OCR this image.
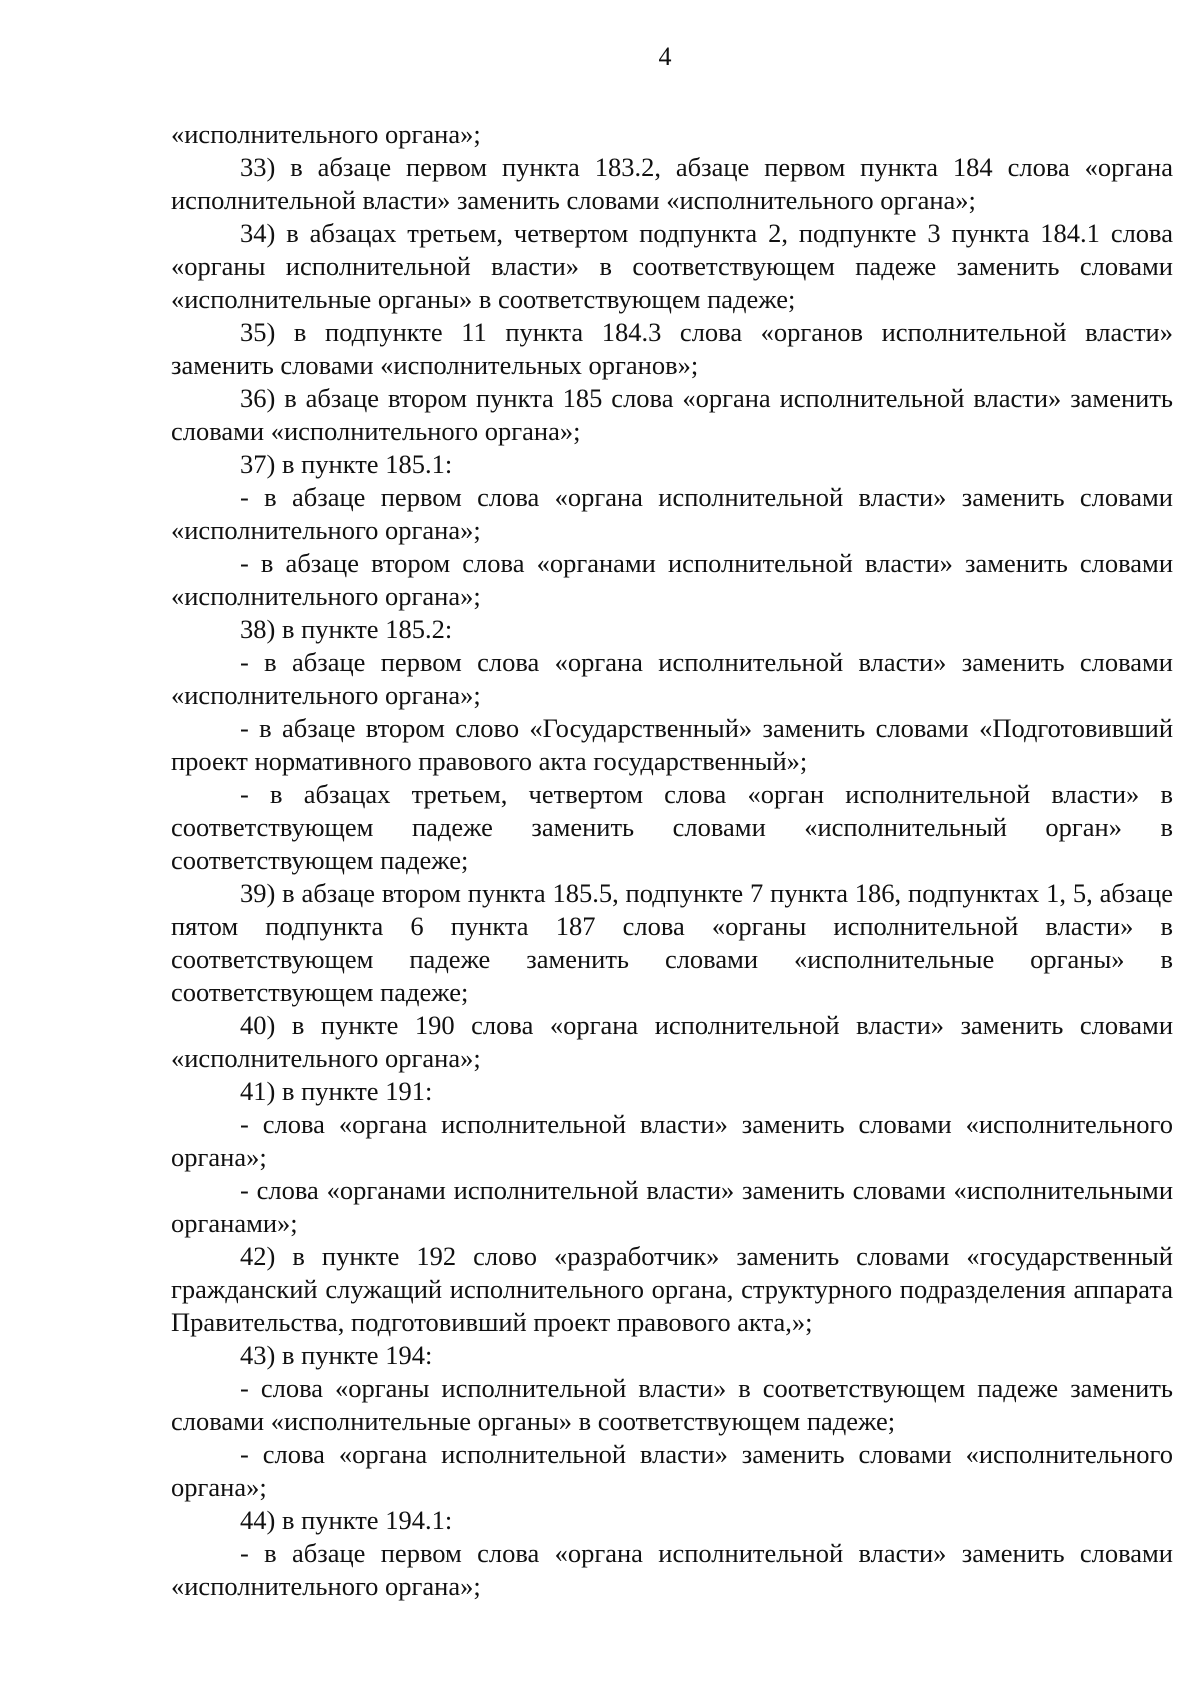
4

«исполнительного органа»;

33) в абзаце первом пункта 183.2, абзаце первом пункта 184 слова «органа исполнительной власти» заменить словами «исполнительного органа»;

34) в абзацах третьем, четвертом подпункта 2, подпункте 3 пункта 184.1 слова «органы исполнительной власти» в соответствующем падеже заменить словами «исполнительные органы» в соответствующем падеже;

35) в подпункте 11 пункта 184.3 слова «органов исполнительной власти» заменить словами «исполнительных органов»;

36) в абзаце втором пункта 185 слова «органа исполнительной власти» заменить словами «исполнительного органа»;

37) в пункте 185.1:

- в абзаце первом слова «органа исполнительной власти» заменить словами «исполнительного органа»;

- в абзаце втором слова «органами исполнительной власти» заменить словами «исполнительного органа»;

38) в пункте 185.2:

- в абзаце первом слова «органа исполнительной власти» заменить словами «исполнительного органа»;

- в абзаце втором слово «Государственный» заменить словами «Подготовивший проект нормативного правового акта государственный»;

- в абзацах третьем, четвертом слова «орган исполнительной власти» в соответствующем падеже заменить словами «исполнительный орган» в соответствующем падеже;

39) в абзаце втором пункта 185.5, подпункте 7 пункта 186, подпунктах 1, 5, абзаце пятом подпункта 6 пункта 187 слова «органы исполнительной власти» в соответствующем падеже заменить словами «исполнительные органы» в соответствующем падеже;

40) в пункте 190 слова «органа исполнительной власти» заменить словами «исполнительного органа»;

41) в пункте 191:

- слова «органа исполнительной власти» заменить словами «исполнительного органа»;

- слова «органами исполнительной власти» заменить словами «исполнительными органами»;

42) в пункте 192 слово «разработчик» заменить словами «государственный гражданский служащий исполнительного органа, структурного подразделения аппарата Правительства, подготовивший проект правового акта,»;

43) в пункте 194:

- слова «органы исполнительной власти» в соответствующем падеже заменить словами «исполнительные органы» в соответствующем падеже;

- слова «органа исполнительной власти» заменить словами «исполнительного органа»;

44) в пункте 194.1:

- в абзаце первом слова «органа исполнительной власти» заменить словами «исполнительного органа»;
